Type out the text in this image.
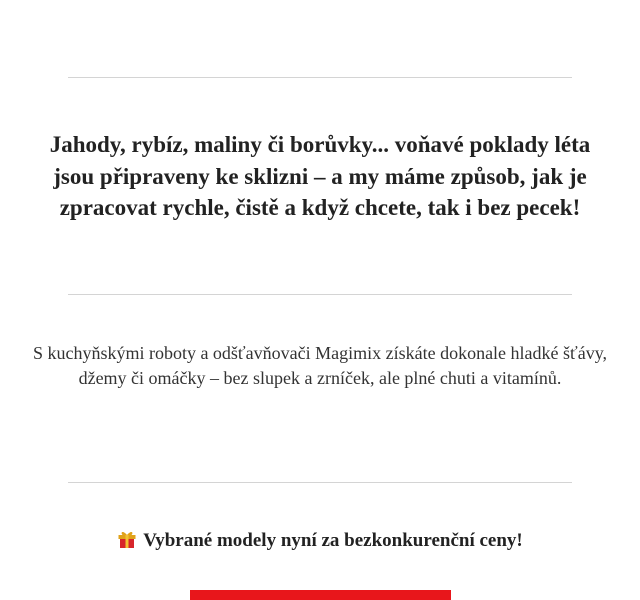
Jahody, rybíz, maliny či borůvky... voňavé poklady léta jsou připraveny ke sklizni – a my máme způsob, jak je zpracovat rychle, čistě a když chcete, tak i bez pecek!

S kuchyňskými roboty a odšťavňovači Magimix získáte dokonale hladké šťávy, džemy či omáčky – bez slupek a zrníček, ale plné chuti a vitamínů.

Vybrané modely nyní za bezkonkurenční ceny!
